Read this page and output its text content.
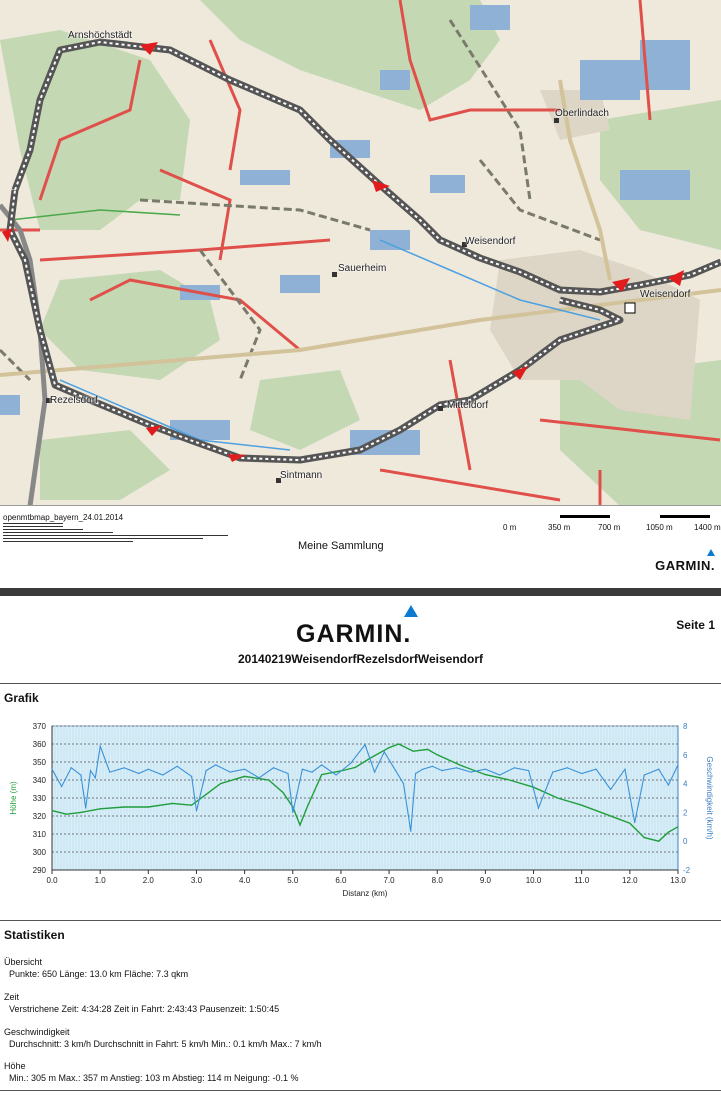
Arnshöchstädt
Oberlindach
Weisendorf
Weisendorf
Sauerheim
Rezelsdorf	Mitteldorf
Sintmann
openmtbmap_bayern_24.01.2014
Meine Sammlung
0 m	350 m	700 m	1050 m	1400 m
GARMIN.
GARMIN.
20140219WeisendorfRezelsdorfWeisendorf
Seite 1
Grafik
370
360
350
340
330
320
310
300
290
8
6
4
2
0
-2
0.0	1.0	2.0	3.0	4.0	5.0	6.0	7.0	8.0	9.0	10.0	11.0	12.0	13.0
Distanz (km)
Höhe (m)	Geschwindigkeit (km/h)
Statistiken
Übersicht
Punkte: 650 Länge: 13.0 km Fläche: 7.3 qkm
Zeit
Verstrichene Zeit: 4:34:28 Zeit in Fahrt: 2:43:43 Pausenzeit: 1:50:45
Geschwindigkeit
Durchschnitt: 3 km/h Durchschnitt in Fahrt: 5 km/h Min.: 0.1 km/h Max.: 7 km/h
Höhe
Min.: 305 m Max.: 357 m Anstieg: 103 m Abstieg: 114 m Neigung: -0.1 %
